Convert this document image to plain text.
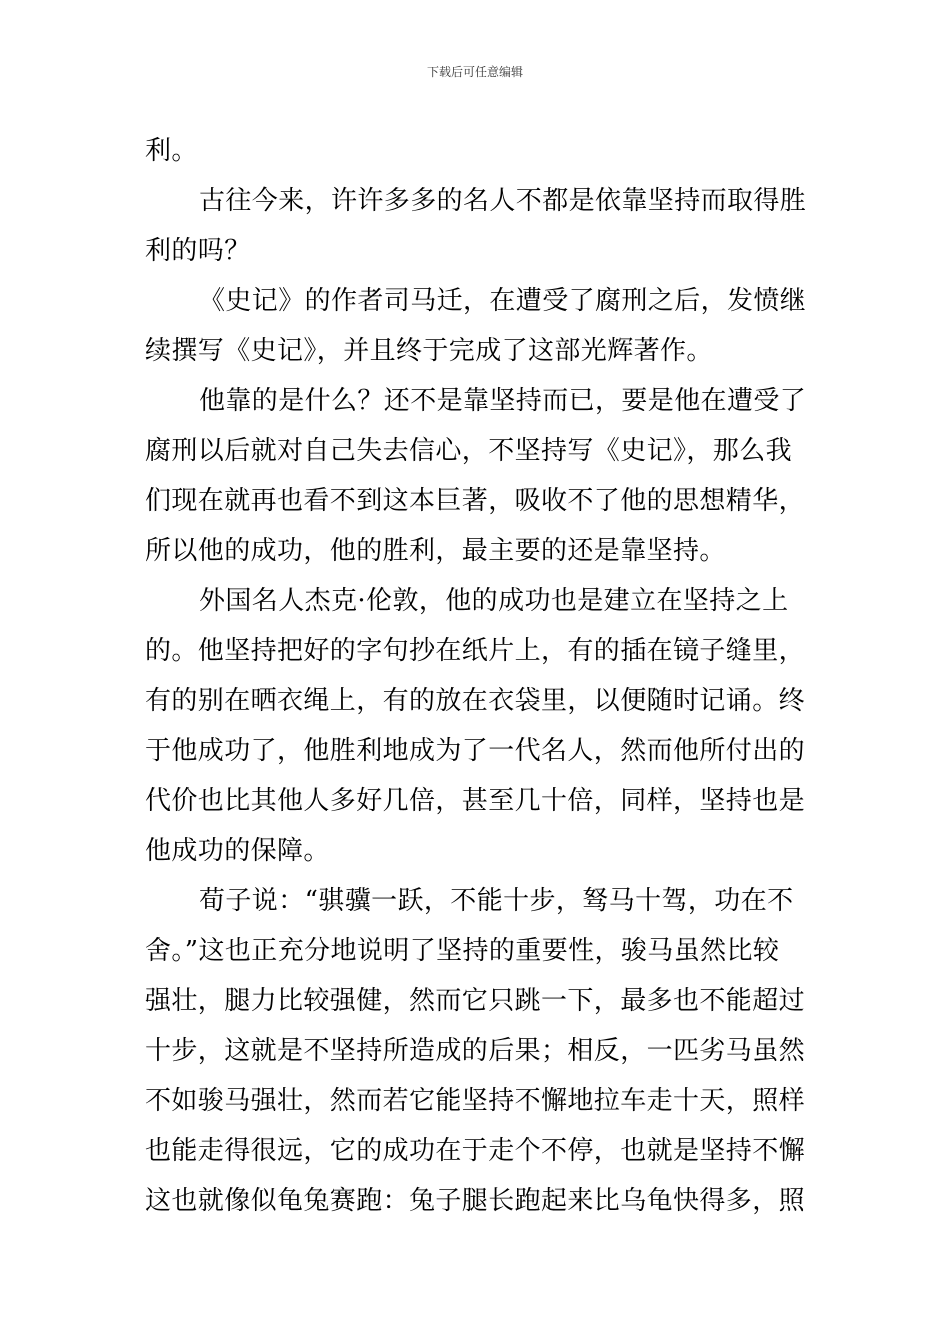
下载后可任意编辑
利。
古往今来，许许多多的名人不都是依靠坚持而取得胜
利的吗？
《史记》的作者司马迁，在遭受了腐刑之后，发愤继
续撰写《史记》，并且终于完成了这部光辉著作。
他靠的是什么？还不是靠坚持而已，要是他在遭受了
腐刑以后就对自己失去信心，不坚持写《史记》，那么我
们现在就再也看不到这本巨著，吸收不了他的思想精华，
所以他的成功，他的胜利，最主要的还是靠坚持。
外国名人杰克·伦敦，他的成功也是建立在坚持之上
的。他坚持把好的字句抄在纸片上，有的插在镜子缝里，
有的别在晒衣绳上，有的放在衣袋里，以便随时记诵。终
于他成功了，他胜利地成为了一代名人，然而他所付出的
代价也比其他人多好几倍，甚至几十倍，同样，坚持也是
他成功的保障。
荀子说：“骐骥一跃，不能十步，驽马十驾，功在不
舍。”这也正充分地说明了坚持的重要性，骏马虽然比较
强壮，腿力比较强健，然而它只跳一下，最多也不能超过
十步，这就是不坚持所造成的后果；相反，一匹劣马虽然
不如骏马强壮，然而若它能坚持不懈地拉车走十天，照样
也能走得很远，它的成功在于走个不停，也就是坚持不懈
这也就像似龟兔赛跑：兔子腿长跑起来比乌龟快得多，照
